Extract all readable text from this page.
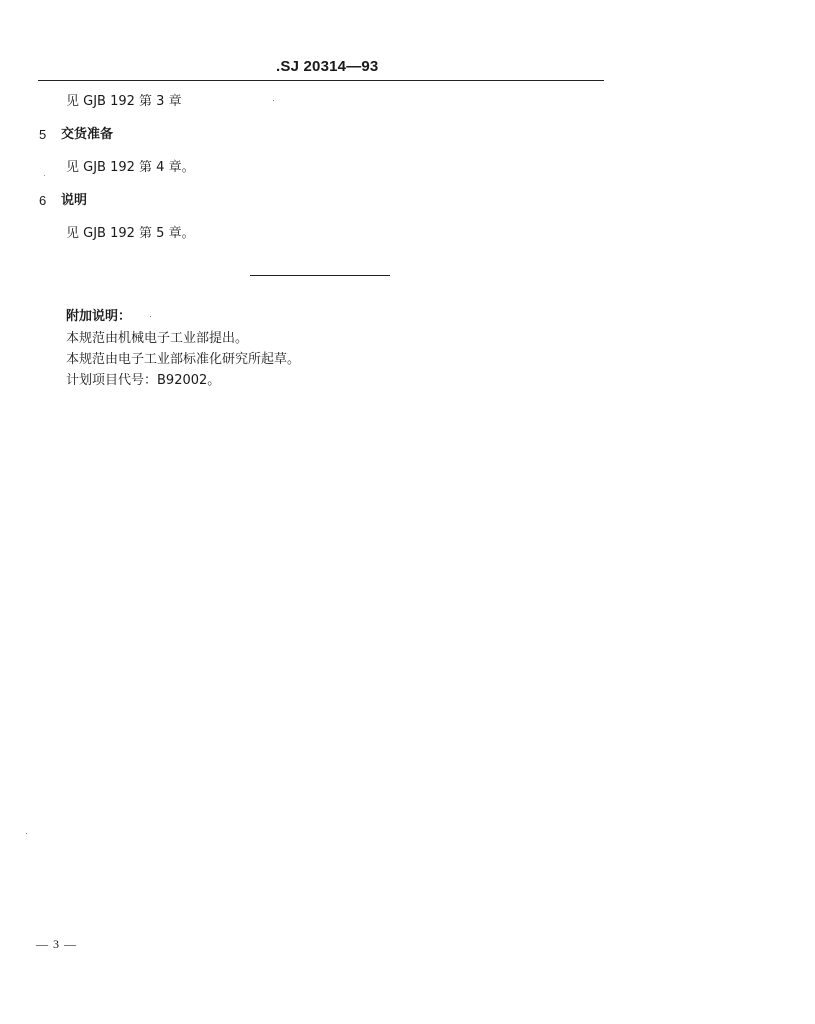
.SJ 20314—93
见 GJB 192 第 3 章
5 交货准备
见 GJB 192 第 4 章。
6 说明
见 GJB 192 第 5 章。
附加说明：
本规范由机械电子工业部提出。
本规范由电子工业部标准化研究所起草。
计划项目代号：B92002。
— 3 —
